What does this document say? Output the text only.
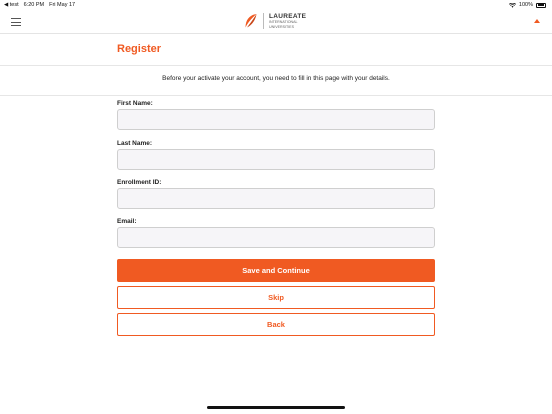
◀ test 6:20 PM Fri May 17	100%
LAUREATE
INTERNATIONAL
UNIVERSITIES
Register
Before your activate your account, you need to fill in this page with your details.
First Name:
Last Name:
Enrollment ID:
Email:
Save and Continue
Skip
Back
